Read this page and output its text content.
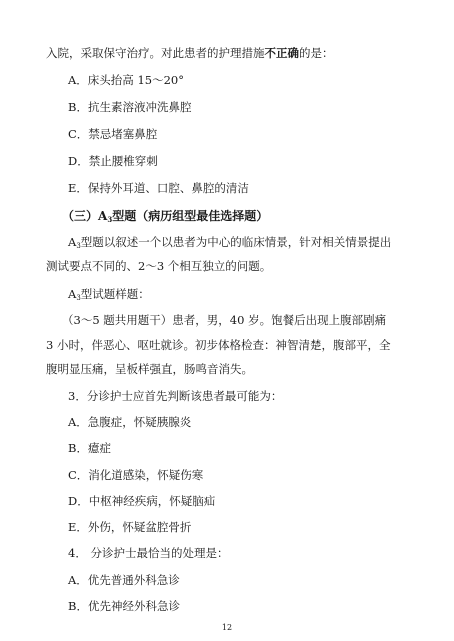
入院，采取保守治疗。对此患者的护理措施不正确的是：
A．床头抬高 15～20°
B．抗生素溶液冲洗鼻腔
C．禁忌堵塞鼻腔
D．禁止腰椎穿刺
E．保持外耳道、口腔、鼻腔的清洁
（三）$A_3$型题（病历组型最佳选择题）
$A_3$型题以叙述一个以患者为中心的临床情景，针对相关情景提出
测试要点不同的、2～3 个相互独立的问题。
$A_3$型试题样题：
（3～5 题共用题干）患者，男，40 岁。饱餐后出现上腹部剧痛
3 小时，伴恶心、呕吐就诊。初步体格检查：神智清楚，腹部平，全
腹明显压痛，呈板样强直，肠鸣音消失。
3．分诊护士应首先判断该患者最可能为：
A．急腹症，怀疑胰腺炎
B．癔症
C．消化道感染，怀疑伤寒
D．中枢神经疾病，怀疑脑疝
E．外伤，怀疑盆腔骨折
4． 分诊护士最恰当的处理是：
A．优先普通外科急诊
B．优先神经外科急诊
12
